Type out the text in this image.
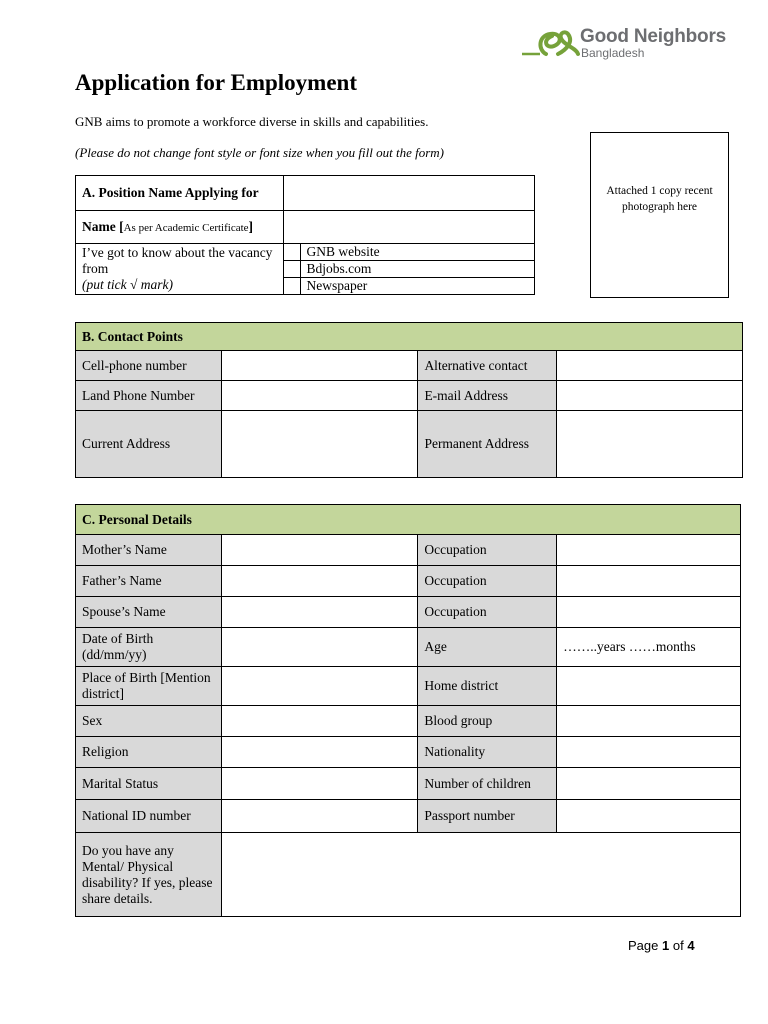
Good Neighbors
Bangladesh
Application for Employment
GNB aims to promote a workforce diverse in skills and capabilities.
(Please do not change font style or font size when you fill out the form)
Attached 1 copy recent photograph here
A. Position Name Applying for		
Name [As per Academic Certificate]		
I’ve got to know about the vacancy from
(put tick √ mark)		GNB website
		Bdjobs.com
		Newspaper
B. Contact Points			
Cell-phone number		Alternative contact	
Land Phone Number		E-mail Address	
Current Address		Permanent Address	
C. Personal Details			
Mother’s Name		Occupation	
Father’s Name		Occupation	
Spouse’s Name		Occupation	
Date of Birth (dd/mm/yy)		Age	……..years ……months
Place of Birth [Mention district]		Home district	
Sex		Blood group	
Religion		Nationality	
Marital Status		Number of children	
National ID number		Passport number	
Do you have any Mental/ Physical disability? If yes, please share details.			
Page 1 of 4
